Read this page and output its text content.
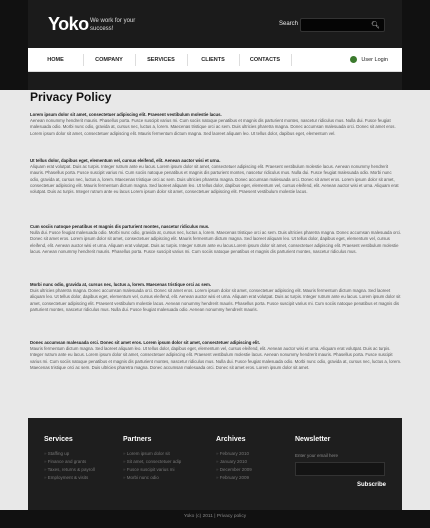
Yoko We work for your success!
Search	🔍︎
HOME	COMPANY	SERVICES	CLIENTS	CONTACTS	User Login
Privacy Policy
Lorem ipsum dolor sit amet, consectetuer adipiscing elit. Praesent vestibulum molestie lacus.
Aenean nonummy hendrerit mauris. Phasellus porta. Fusce suscipit varius mi. Cum sociis natoque penatibus et magnis dis parturient montes, nascetur ridiculus mus. Nulla dui. Fusce feugiat malesuada odio. Morbi nunc odio, gravida at, cursus nec, luctus a, lorem. Maecenas tristique orci ac sem. Duis ultricies pharetra magna. Donec accumsan malesuada orci. Donec sit amet eros. Lorem ipsum dolor sit amet, consectetuer adipiscing elit. Mauris fermentum dictum magna. Sed laoreet aliquam leo. Ut tellus dolor, dapibus eget, elementum vel.
Ut tellus dolor, dapibus eget, elementum vel, cursus eleifend, elit. Aenean auctor wisi et urna.
Aliquam erat volutpat. Duis ac turpis. Integer rutrum ante eu lacus. Lorem ipsum dolor sit amet, consectetuer adipiscing elit. Praesent vestibulum molestie lacus. Aenean nonummy hendrerit mauris. Phasellus porta. Fusce suscipit varius mi. Cum sociis natoque penatibus et magnis dis parturient montes, nascetur ridiculus mus. Nulla dui. Fusce feugiat malesuada odio. Morbi nunc odio, gravida at, cursus nec, luctus a, lorem. Maecenas tristique orci ac sem. Duis ultricies pharetra magna. Donec accumsan malesuada orci. Donec sit amet eros. Lorem ipsum dolor sit amet, consectetuer adipiscing elit. Mauris fermentum dictum magna. Sed laoreet aliquam leo. Ut tellus dolor, dapibus eget, elementum vel, cursus eleifend, elit. Aenean auctor wisi et urna. Aliquam erat volutpat. Duis ac turpis. Integer rutrum ante eu lacus Lorem ipsum dolor sit amet, consectetuer adipiscing elit. Praesent vestibulum molestie lacus.
Cum sociis natoque penatibus et magnis dis parturient montes, nascetur ridiculus mus.
Nulla dui. Fusce feugiat malesuada odio. Morbi nunc odio, gravida at, cursus nec, luctus a, lorem. Maecenas tristique orci ac sem. Duis ultricies pharetra magna. Donec accumsan malesuada orci. Donec sit amet eros. Lorem ipsum dolor sit amet, consectetuer adipiscing elit. Mauris fermentum dictum magna. Sed laoreet aliquam leo. Ut tellus dolor, dapibus eget, elementum vel, cursus eleifend, elit. Aenean auctor wisi et urna. Aliquam erat volutpat. Duis ac turpis. Integer rutrum ante eu lacus.Lorem ipsum dolor sit amet, consectetuer adipiscing elit. Praesent vestibulum molestie lacus. Aenean nonummy hendrerit mauris. Phasellus porta. Fusce suscipit varius mi. Cum sociis natoque penatibus et magnis dis parturient montes, nascetur ridiculus mus.
Morbi nunc odio, gravida at, cursus nec, luctus a, lorem. Maecenas tristique orci ac sem.
Duis ultricies pharetra magna. Donec accumsan malesuada orci. Donec sit amet eros. Lorem ipsum dolor sit amet, consectetuer adipiscing elit. Mauris fermentum dictum magna. Sed laoreet aliquam leo. Ut tellus dolor, dapibus eget, elementum vel, cursus eleifend, elit. Aenean auctor wisi et urna. Aliquam erat volutpat. Duis ac turpis. Integer rutrum ante eu lacus. Lorem ipsum dolor sit amet, consectetuer adipiscing elit. Praesent vestibulum molestie lacus. Aenean nonummy hendrerit mauris. Phasellus porta. Fusce suscipit varius mi. Cum sociis natoque penatibus et magnis dis parturient montes, nascetur ridiculus mus. Nulla dui. Fusce feugiat malesuada odio. Aenean nonummy hendrerit mauris.
Donec accumsan malesuada orci. Donec sit amet eros. Lorem ipsum dolor sit amet, consectetuer adipiscing elit.
Mauris fermentum dictum magna. Sed laoreet aliquam leo. Ut tellus dolor, dapibus eget, elementum vel, cursus eleifend, elit. Aenean auctor wisi et urna. Aliquam erat volutpat. Duis ac turpis. Integer rutrum ante eu lacus. Lorem ipsum dolor sit amet, consectetuer adipiscing elit. Praesent vestibulum molestie lacus. Aenean nonummy hendrerit mauris. Phasellus porta. Fusce suscipit varius mi. Cum sociis natoque penatibus et magnis dis parturient montes, nascetur ridiculus mus. Nulla dui. Fusce feugiat malesuada odio. Morbi nunc odio, gravida at, cursus nec, luctus a, lorem. Maecenas tristique orci ac sem. Duis ultricies pharetra magna. Donec accumsan malesuada orci. Donec sit amet eros. Lorem ipsum dolor sit amet.
Services
» Staffing up
» Finance and grants
» Taxes, returns & payroll
» Employment & visits
Partners
» Lorem ipsum dolor sit
» Sit amet, consectetuer adip
» Fusce suscipit varius mi
» Morbi nunc odio
Archives
» February 2010
» January 2010
» December 2009
» February 2009
Newsletter
Enter your email here
Subscribe
Yoko (c) 2011 | Privacy policy
